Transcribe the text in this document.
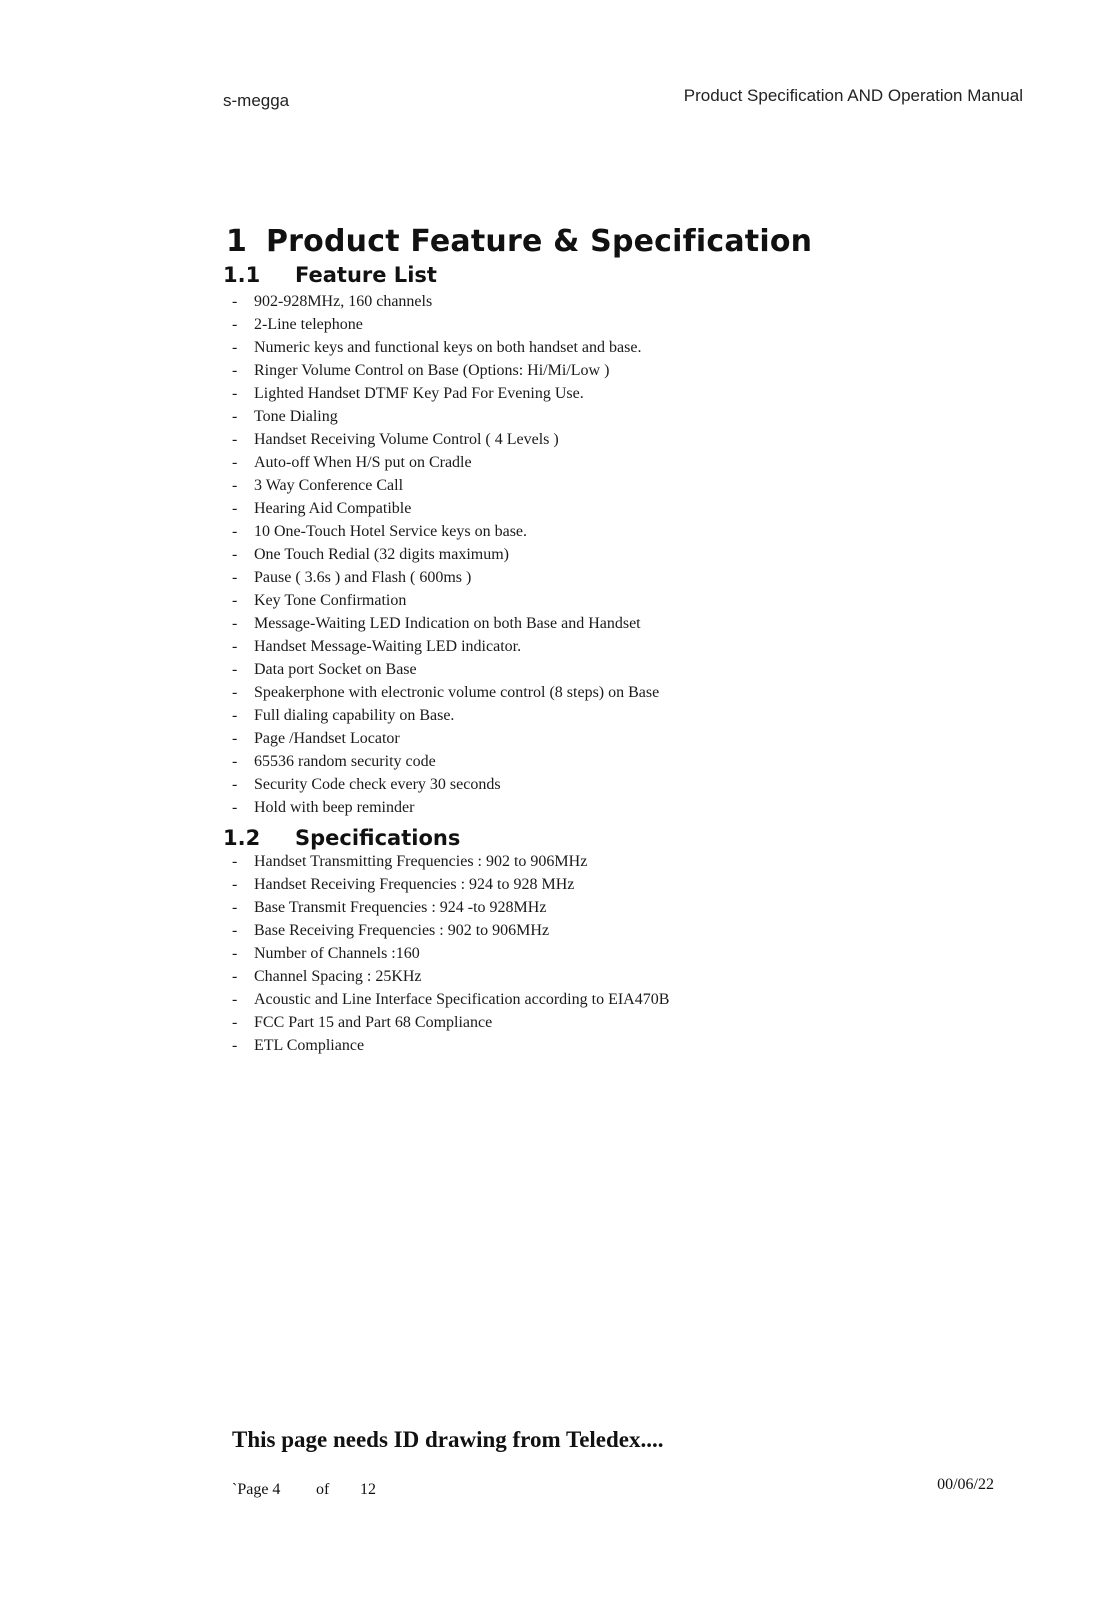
s-megga	Product Specification AND Operation Manual
1 Product Feature & Specification
1.1 Feature List
- 902-928MHz, 160 channels
- 2-Line telephone
- Numeric keys and functional keys on both handset and base.
- Ringer Volume Control on Base (Options: Hi/Mi/Low )
- Lighted Handset DTMF Key Pad For Evening Use.
- Tone Dialing
- Handset Receiving Volume Control ( 4 Levels )
- Auto-off When H/S put on Cradle
- 3 Way Conference Call
- Hearing Aid Compatible
- 10 One-Touch Hotel Service keys on base.
- One Touch Redial (32 digits maximum)
- Pause ( 3.6s ) and Flash ( 600ms )
- Key Tone Confirmation
- Message-Waiting LED Indication on both Base and Handset
- Handset Message-Waiting LED indicator.
- Data port Socket on Base
- Speakerphone with electronic volume control (8 steps) on Base
- Full dialing capability on Base.
- Page /Handset Locator
- 65536 random security code
- Security Code check every 30 seconds
- Hold with beep reminder
1.2 Specifications
- Handset Transmitting Frequencies : 902 to 906MHz
- Handset Receiving Frequencies : 924 to 928 MHz
- Base Transmit Frequencies : 924 -to 928MHz
- Base Receiving Frequencies : 902 to 906MHz
- Number of Channels :160
- Channel Spacing : 25KHz
- Acoustic and Line Interface Specification according to EIA470B
- FCC Part 15 and Part 68 Compliance
- ETL Compliance
This page needs ID drawing from Teledex....
`Page 4 of 12	00/06/22
